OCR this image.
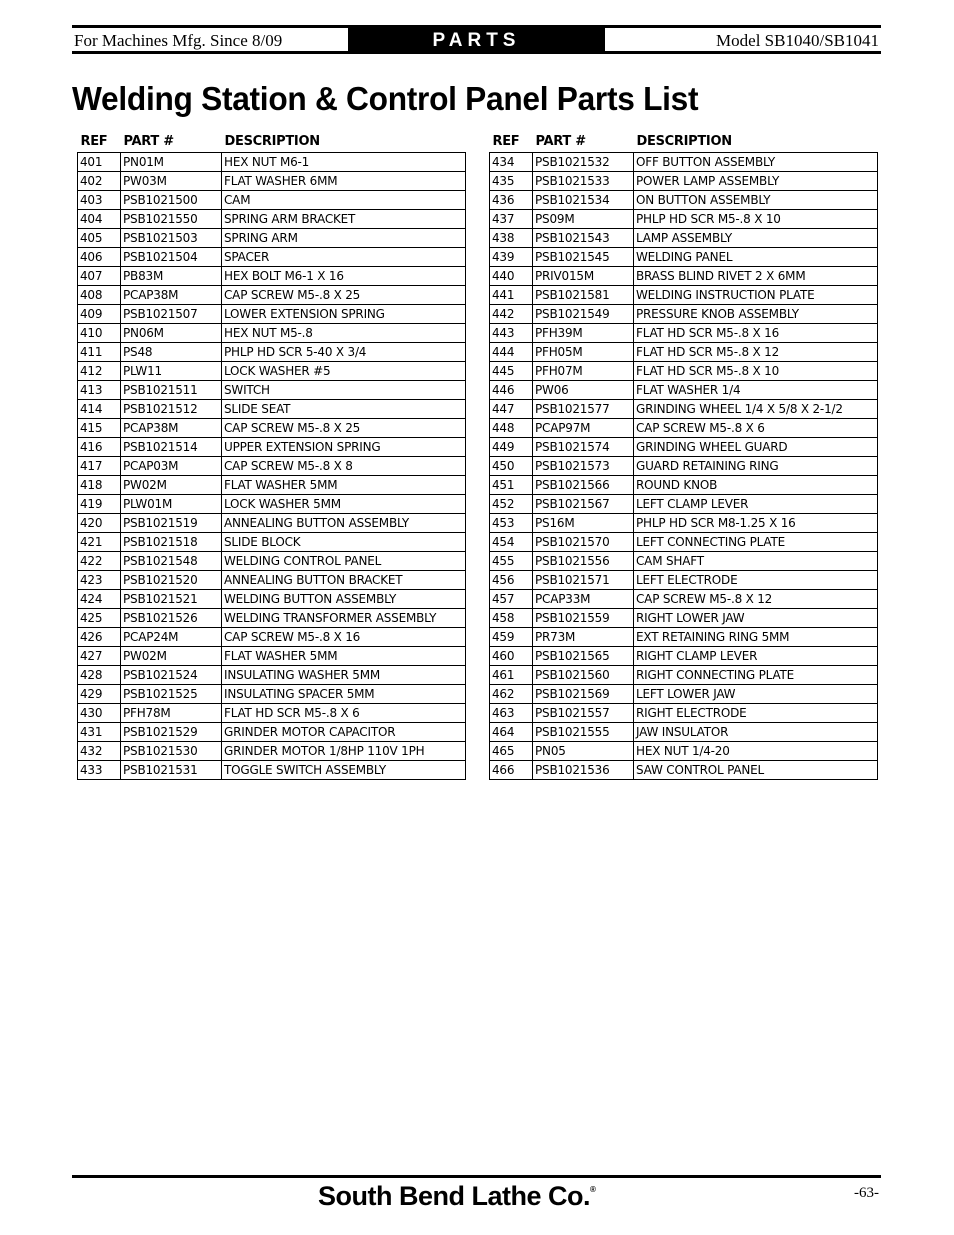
For Machines Mfg. Since 8/09	PARTS	Model SB1040/SB1041
Welding Station & Control Panel Parts List
REF	PART #	DESCRIPTION
401	PN01M	HEX NUT M6-1
402	PW03M	FLAT WASHER 6MM
403	PSB1021500	CAM
404	PSB1021550	SPRING ARM BRACKET
405	PSB1021503	SPRING ARM
406	PSB1021504	SPACER
407	PB83M	HEX BOLT M6-1 X 16
408	PCAP38M	CAP SCREW M5-.8 X 25
409	PSB1021507	LOWER EXTENSION SPRING
410	PN06M	HEX NUT M5-.8
411	PS48	PHLP HD SCR 5-40 X 3/4
412	PLW11	LOCK WASHER #5
413	PSB1021511	SWITCH
414	PSB1021512	SLIDE SEAT
415	PCAP38M	CAP SCREW M5-.8 X 25
416	PSB1021514	UPPER EXTENSION SPRING
417	PCAP03M	CAP SCREW M5-.8 X 8
418	PW02M	FLAT WASHER 5MM
419	PLW01M	LOCK WASHER 5MM
420	PSB1021519	ANNEALING BUTTON ASSEMBLY
421	PSB1021518	SLIDE BLOCK
422	PSB1021548	WELDING CONTROL PANEL
423	PSB1021520	ANNEALING BUTTON BRACKET
424	PSB1021521	WELDING BUTTON ASSEMBLY
425	PSB1021526	WELDING TRANSFORMER ASSEMBLY
426	PCAP24M	CAP SCREW M5-.8 X 16
427	PW02M	FLAT WASHER 5MM
428	PSB1021524	INSULATING WASHER 5MM
429	PSB1021525	INSULATING SPACER 5MM
430	PFH78M	FLAT HD SCR M5-.8 X 6
431	PSB1021529	GRINDER MOTOR CAPACITOR
432	PSB1021530	GRINDER MOTOR 1/8HP 110V 1PH
433	PSB1021531	TOGGLE SWITCH ASSEMBLY
REF	PART #	DESCRIPTION
434	PSB1021532	OFF BUTTON ASSEMBLY
435	PSB1021533	POWER LAMP ASSEMBLY
436	PSB1021534	ON BUTTON ASSEMBLY
437	PS09M	PHLP HD SCR M5-.8 X 10
438	PSB1021543	LAMP ASSEMBLY
439	PSB1021545	WELDING PANEL
440	PRIV015M	BRASS BLIND RIVET 2 X 6MM
441	PSB1021581	WELDING INSTRUCTION PLATE
442	PSB1021549	PRESSURE KNOB ASSEMBLY
443	PFH39M	FLAT HD SCR M5-.8 X 16
444	PFH05M	FLAT HD SCR M5-.8 X 12
445	PFH07M	FLAT HD SCR M5-.8 X 10
446	PW06	FLAT WASHER 1/4
447	PSB1021577	GRINDING WHEEL 1/4 X 5/8 X 2-1/2
448	PCAP97M	CAP SCREW M5-.8 X 6
449	PSB1021574	GRINDING WHEEL GUARD
450	PSB1021573	GUARD RETAINING RING
451	PSB1021566	ROUND KNOB
452	PSB1021567	LEFT CLAMP LEVER
453	PS16M	PHLP HD SCR M8-1.25 X 16
454	PSB1021570	LEFT CONNECTING PLATE
455	PSB1021556	CAM SHAFT
456	PSB1021571	LEFT ELECTRODE
457	PCAP33M	CAP SCREW M5-.8 X 12
458	PSB1021559	RIGHT LOWER JAW
459	PR73M	EXT RETAINING RING 5MM
460	PSB1021565	RIGHT CLAMP LEVER
461	PSB1021560	RIGHT CONNECTING PLATE
462	PSB1021569	LEFT LOWER JAW
463	PSB1021557	RIGHT ELECTRODE
464	PSB1021555	JAW INSULATOR
465	PN05	HEX NUT 1/4-20
466	PSB1021536	SAW CONTROL PANEL
South Bend Lathe Co.®	-63-
